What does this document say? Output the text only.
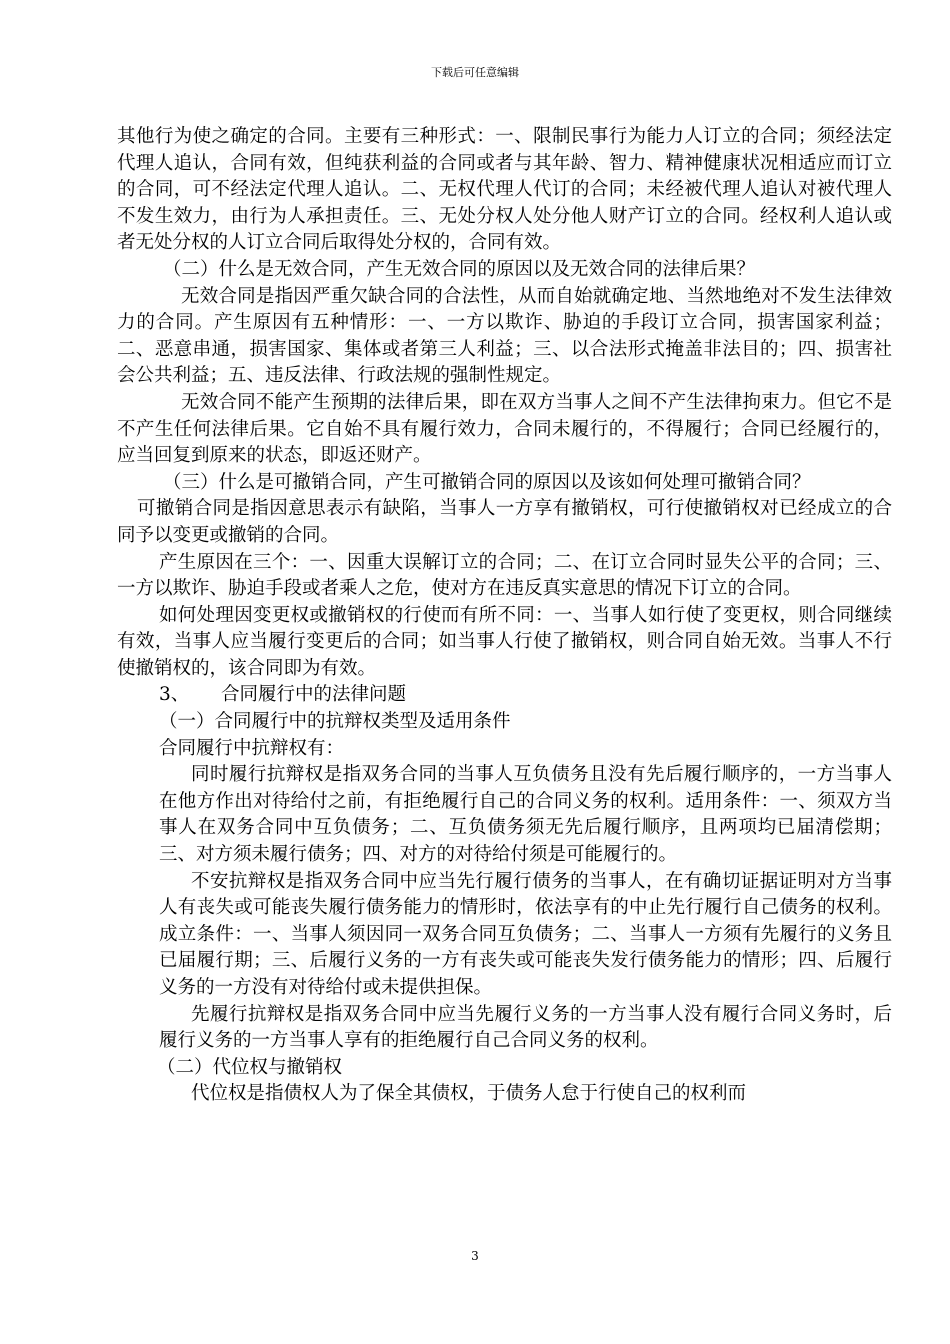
下载后可任意编辑

其他行为使之确定的合同。主要有三种形式：一、限制民事行为能力人订立的合同；须经法定代理人追认，合同有效，但纯获利益的合同或者与其年龄、智力、精神健康状况相适应而订立的合同，可不经法定代理人追认。二、无权代理人代订的合同；未经被代理人追认对被代理人不发生效力，由行为人承担责任。三、无处分权人处分他人财产订立的合同。经权利人追认或者无处分权的人订立合同后取得处分权的，合同有效。

（二）什么是无效合同，产生无效合同的原因以及无效合同的法律后果？

无效合同是指因严重欠缺合同的合法性，从而自始就确定地、当然地绝对不发生法律效力的合同。产生原因有五种情形：一、一方以欺诈、胁迫的手段订立合同，损害国家利益；二、恶意串通，损害国家、集体或者第三人利益；三、以合法形式掩盖非法目的；四、损害社会公共利益；五、违反法律、行政法规的强制性规定。

无效合同不能产生预期的法律后果，即在双方当事人之间不产生法律拘束力。但它不是不产生任何法律后果。它自始不具有履行效力，合同未履行的，不得履行；合同已经履行的，应当回复到原来的状态，即返还财产。

（三）什么是可撤销合同，产生可撤销合同的原因以及该如何处理可撤销合同？

可撤销合同是指因意思表示有缺陷，当事人一方享有撤销权，可行使撤销权对已经成立的合同予以变更或撤销的合同。

产生原因在三个：一、因重大误解订立的合同；二、在订立合同时显失公平的合同；三、一方以欺诈、胁迫手段或者乘人之危，使对方在违反真实意思的情况下订立的合同。

如何处理因变更权或撤销权的行使而有所不同：一、当事人如行使了变更权，则合同继续有效，当事人应当履行变更后的合同；如当事人行使了撤销权，则合同自始无效。当事人不行使撤销权的，该合同即为有效。

3、 合同履行中的法律问题

（一）合同履行中的抗辩权类型及适用条件

合同履行中抗辩权有：

同时履行抗辩权是指双务合同的当事人互负债务且没有先后履行顺序的，一方当事人在他方作出对待给付之前，有拒绝履行自己的合同义务的权利。适用条件：一、须双方当事人在双务合同中互负债务；二、互负债务须无先后履行顺序，且两项均已届清偿期；三、对方须未履行债务；四、对方的对待给付须是可能履行的。

不安抗辩权是指双务合同中应当先行履行债务的当事人，在有确切证据证明对方当事人有丧失或可能丧失履行债务能力的情形时，依法享有的中止先行履行自己债务的权利。成立条件：一、当事人须因同一双务合同互负债务；二、当事人一方须有先履行的义务且已届履行期；三、后履行义务的一方有丧失或可能丧失发行债务能力的情形；四、后履行义务的一方没有对待给付或未提供担保。

先履行抗辩权是指双务合同中应当先履行义务的一方当事人没有履行合同义务时，后履行义务的一方当事人享有的拒绝履行自己合同义务的权利。

（二）代位权与撤销权

代位权是指债权人为了保全其债权，于债务人怠于行使自己的权利而

3
